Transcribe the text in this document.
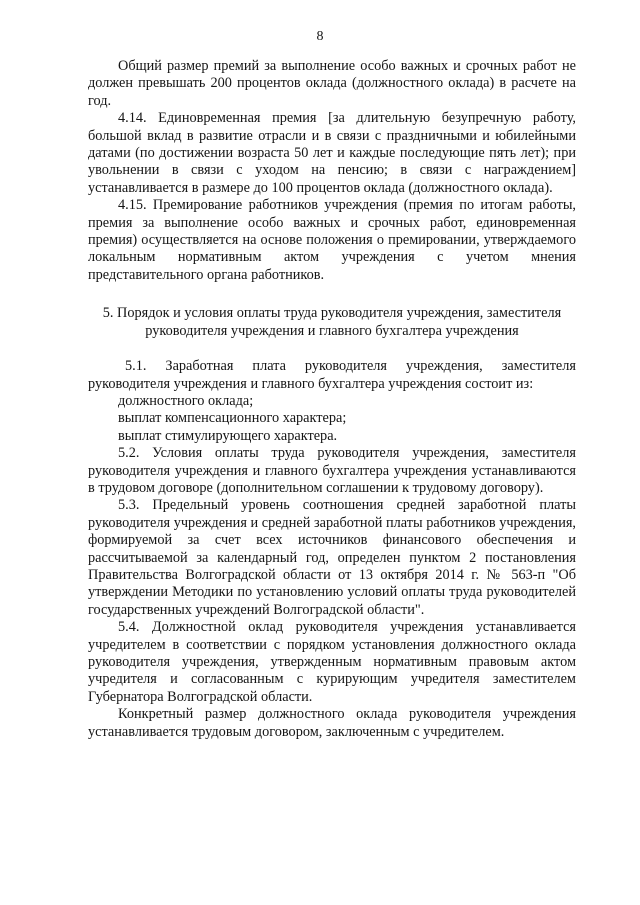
8

Общий размер премий за выполнение особо важных и срочных работ не должен превышать 200 процентов оклада (должностного оклада) в расчете на год.

4.14. Единовременная премия [за длительную безупречную работу, большой вклад в развитие отрасли и в связи с праздничными и юбилейными датами (по достижении возраста 50 лет и каждые последующие пять лет); при увольнении в связи с уходом на пенсию; в связи с награждением] устанавливается в размере до 100 процентов оклада (должностного оклада).

4.15. Премирование работников учреждения (премия по итогам работы, премия за выполнение особо важных и срочных работ, единовременная премия) осуществляется на основе положения о премировании, утверждаемого локальным нормативным актом учреждения с учетом мнения представительного органа работников.

5. Порядок и условия оплаты труда руководителя учреждения, заместителя руководителя учреждения и главного бухгалтера учреждения

5.1. Заработная плата руководителя учреждения, заместителя руководителя учреждения и главного бухгалтера учреждения состоит из:

должностного оклада;

выплат компенсационного характера;

выплат стимулирующего характера.

5.2. Условия оплаты труда руководителя учреждения, заместителя руководителя учреждения и главного бухгалтера учреждения устанавливаются в трудовом договоре (дополнительном соглашении к трудовому договору).

5.3. Предельный уровень соотношения средней заработной платы руководителя учреждения и средней заработной платы работников учреждения, формируемой за счет всех источников финансового обеспечения и рассчитываемой за календарный год, определен пунктом 2 постановления Правительства Волгоградской области от 13 октября 2014 г. № 563-п "Об утверждении Методики по установлению условий оплаты труда руководителей государственных учреждений Волгоградской области".

5.4. Должностной оклад руководителя учреждения устанавливается учредителем в соответствии с порядком установления должностного оклада руководителя учреждения, утвержденным нормативным правовым актом учредителя и согласованным с курирующим учредителя заместителем Губернатора Волгоградской области.

Конкретный размер должностного оклада руководителя учреждения устанавливается трудовым договором, заключенным с учредителем.
